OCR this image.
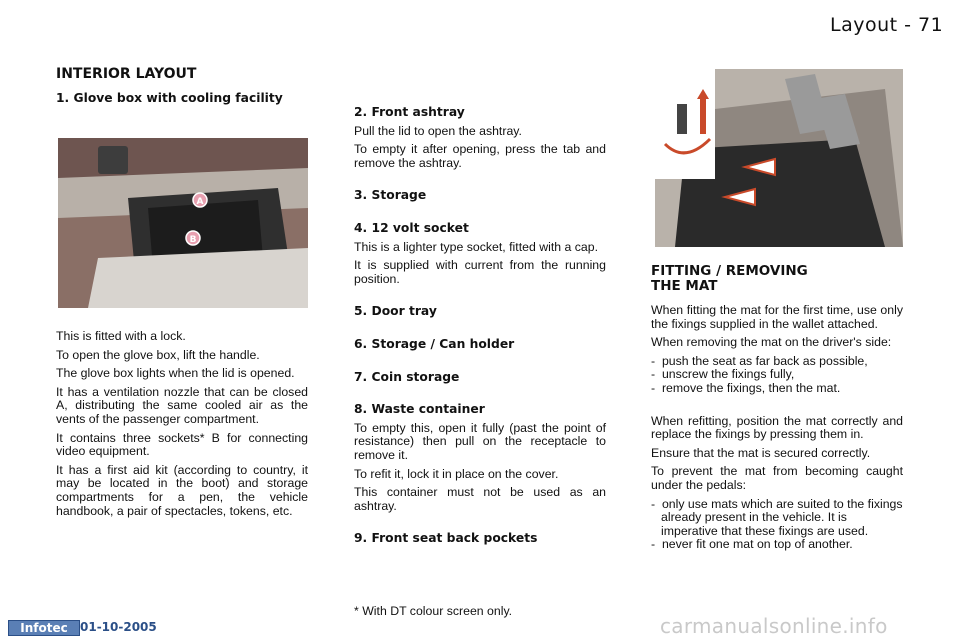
Layout - 71
INTERIOR LAYOUT
1. Glove box with cooling facility
A
B

This is fitted with a lock.

To open the glove box, lift the handle.

The glove box lights when the lid is opened.

It has a ventilation nozzle that can be closed A, distributing the same cooled air as the vents of the passenger compartment.

It contains three sockets* B for connecting video equipment.

It has a first aid kit (according to country, it may be located in the boot) and storage compartments for a pen, the vehicle handbook, a pair of spectacles, tokens, etc.

2. Front ashtray

Pull the lid to open the ashtray.

To empty it after opening, press the tab and remove the ashtray.

3. Storage
4. 12 volt socket

This is a lighter type socket, fitted with a cap.

It is supplied with current from the running position.

5. Door tray
6. Storage / Can holder
7. Coin storage
8. Waste container

To empty this, open it fully (past the point of resistance) then pull on the receptacle to remove it.

To refit it, lock it in place on the cover.

This container must not be used as an ashtray.

9. Front seat back pockets
* With DT colour screen only.
FITTING / REMOVING
THE MAT

When fitting the mat for the first time, use only the fixings supplied in the wallet attached.

When removing the mat on the driver's side:

- push the seat as far back as possible,
- unscrew the fixings fully,
- remove the fixings, then the mat.

When refitting, position the mat correctly and replace the fixings by pressing them in.

Ensure that the mat is secured correctly.

To prevent the mat from becoming caught under the pedals:

- only use mats which are suited to the fixings already present in the vehicle. It is imperative that these fixings are used.
- never fit one mat on top of another.
Infotec	01-10-2005	carmanualsonline.info
